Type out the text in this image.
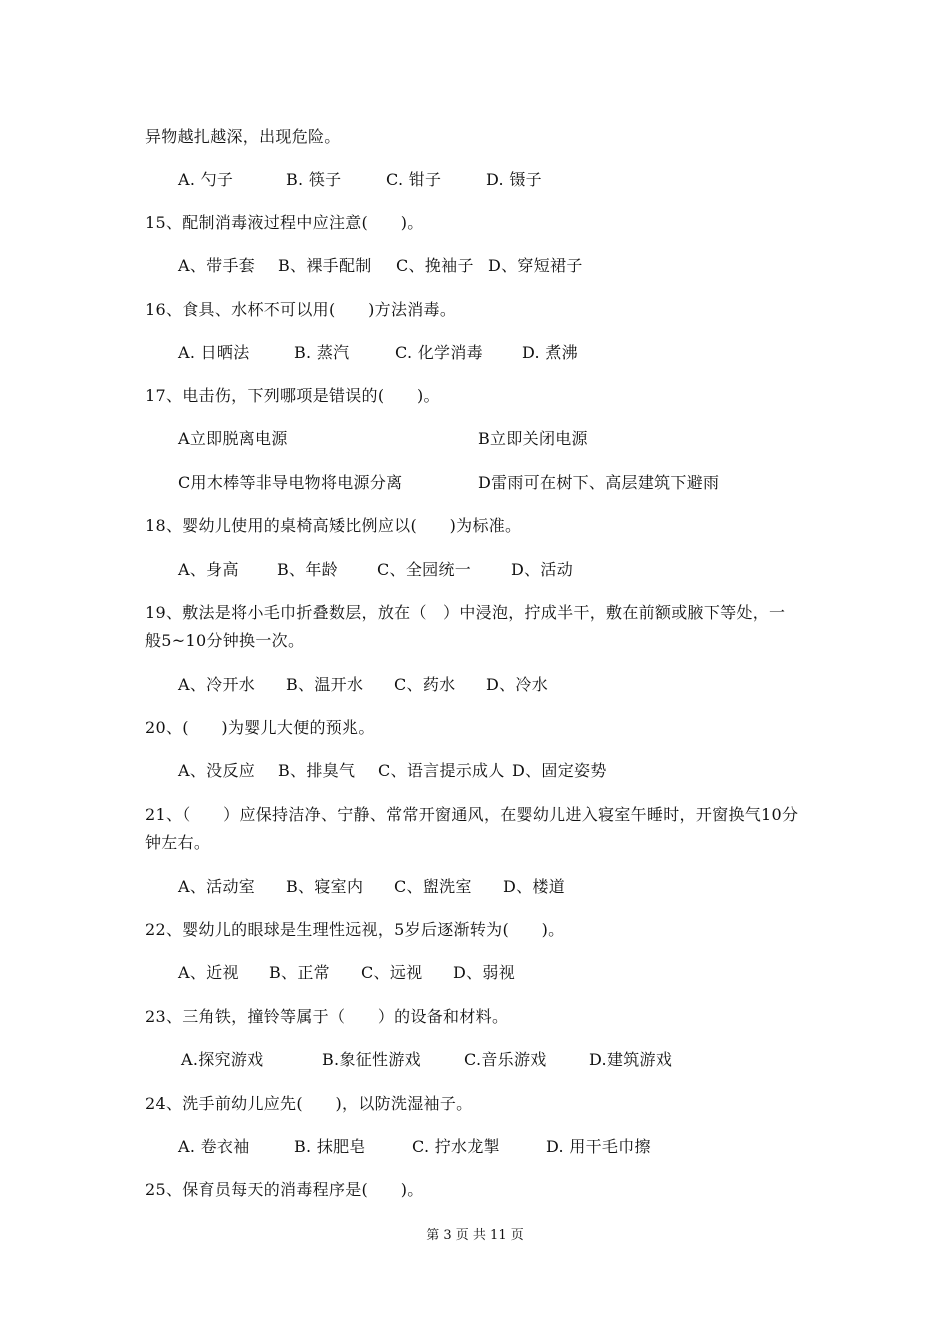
异物越扎越深，出现危险。
A. 勺子	B. 筷子	C. 钳子	D. 镊子
15、配制消毒液过程中应注意(　　)。
A、带手套 B、裸手配制 C、挽袖子 D、穿短裙子
16、食具、水杯不可以用(　　)方法消毒。
A. 日晒法	B. 蒸汽	C. 化学消毒 D. 煮沸
17、电击伤，下列哪项是错误的(　　)。
A立即脱离电源	B立即关闭电源
C用木棒等非导电物将电源分离	D雷雨可在树下、高层建筑下避雨
18、婴幼儿使用的桌椅高矮比例应以(　　)为标准。
A、身高 B、年龄 C、全园统一 D、活动
19、敷法是将小毛巾折叠数层，放在（　）中浸泡，拧成半干，敷在前额或腋下等处，一
般5~10分钟换一次。
A、冷开水 B、温开水 C、药水 D、冷水
20、(　　)为婴儿大便的预兆。
A、没反应 B、排臭气 C、语言提示成人 D、固定姿势
21、（　　）应保持洁净、宁静、常常开窗通风，在婴幼儿进入寝室午睡时，开窗换气10分
钟左右。
A、活动室 B、寝室内 C、盥洗室 D、楼道
22、婴幼儿的眼球是生理性远视，5岁后逐渐转为(　　)。
A、近视 B、正常 C、远视 D、弱视
23、三角铁，撞铃等属于（　　）的设备和材料。
A.探究游戏	B.象征性游戏	C.音乐游戏	D.建筑游戏
24、洗手前幼儿应先(　　)，以防洗湿袖子。
A. 卷衣袖	B. 抹肥皂	C. 拧水龙掣	D. 用干毛巾擦
25、保育员每天的消毒程序是(　　)。
第 3 页 共 11 页
